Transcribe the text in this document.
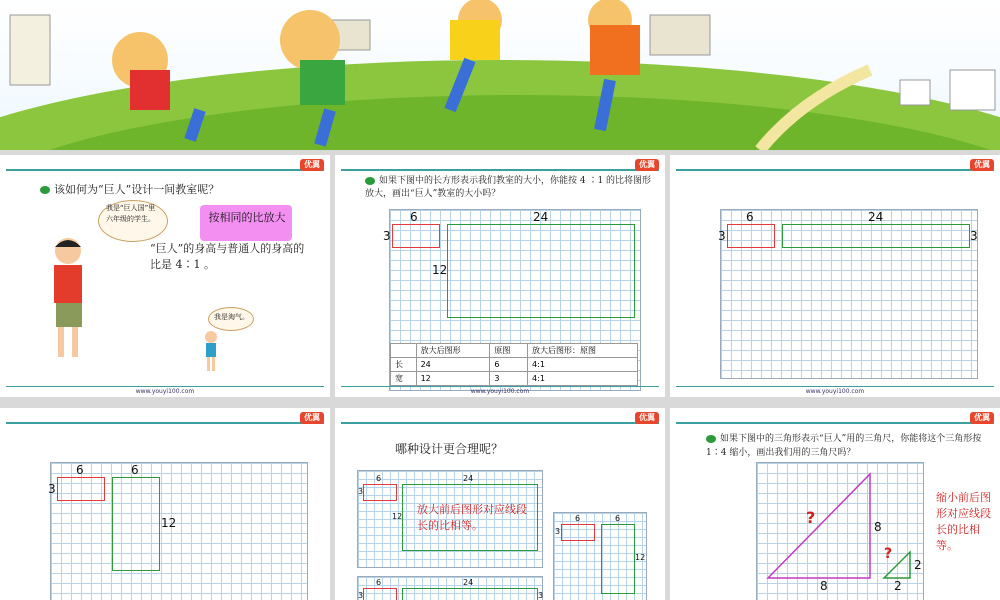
优翼
该如何为“巨人”设计一间教室呢？
我是“巨人国”里六年级的学生。	按相同的比放大
“巨人”的身高与普通人的身高的比是 4∶1 。
我是淘气。
www.youyi100.com
优翼
如果下图中的长方形表示我们教室的大小，你能按 4 ∶1 的比将图形放大，画出“巨人”教室的大小吗？
6
3
24
12
	放大后图形	原图	放大后图形：原图
长	24	6	4:1
宽	12	3	4:1
www.youyi100.com
优翼
6
3
24
3
www.youyi100.com
优翼
6
3
6
12
优翼
哪种设计更合理呢？
6
3
24
12
放大前后图形对应线段长的比相等。
6
3
6
12
6
3
24
3
优翼
如果下图中的三角形表示“巨人”用的三角尺，你能将这个三角形按 1∶4 缩小，画出我们用的三角尺吗？
?
?
8
8
2
2
缩小前后图形对应线段长的比相等。
